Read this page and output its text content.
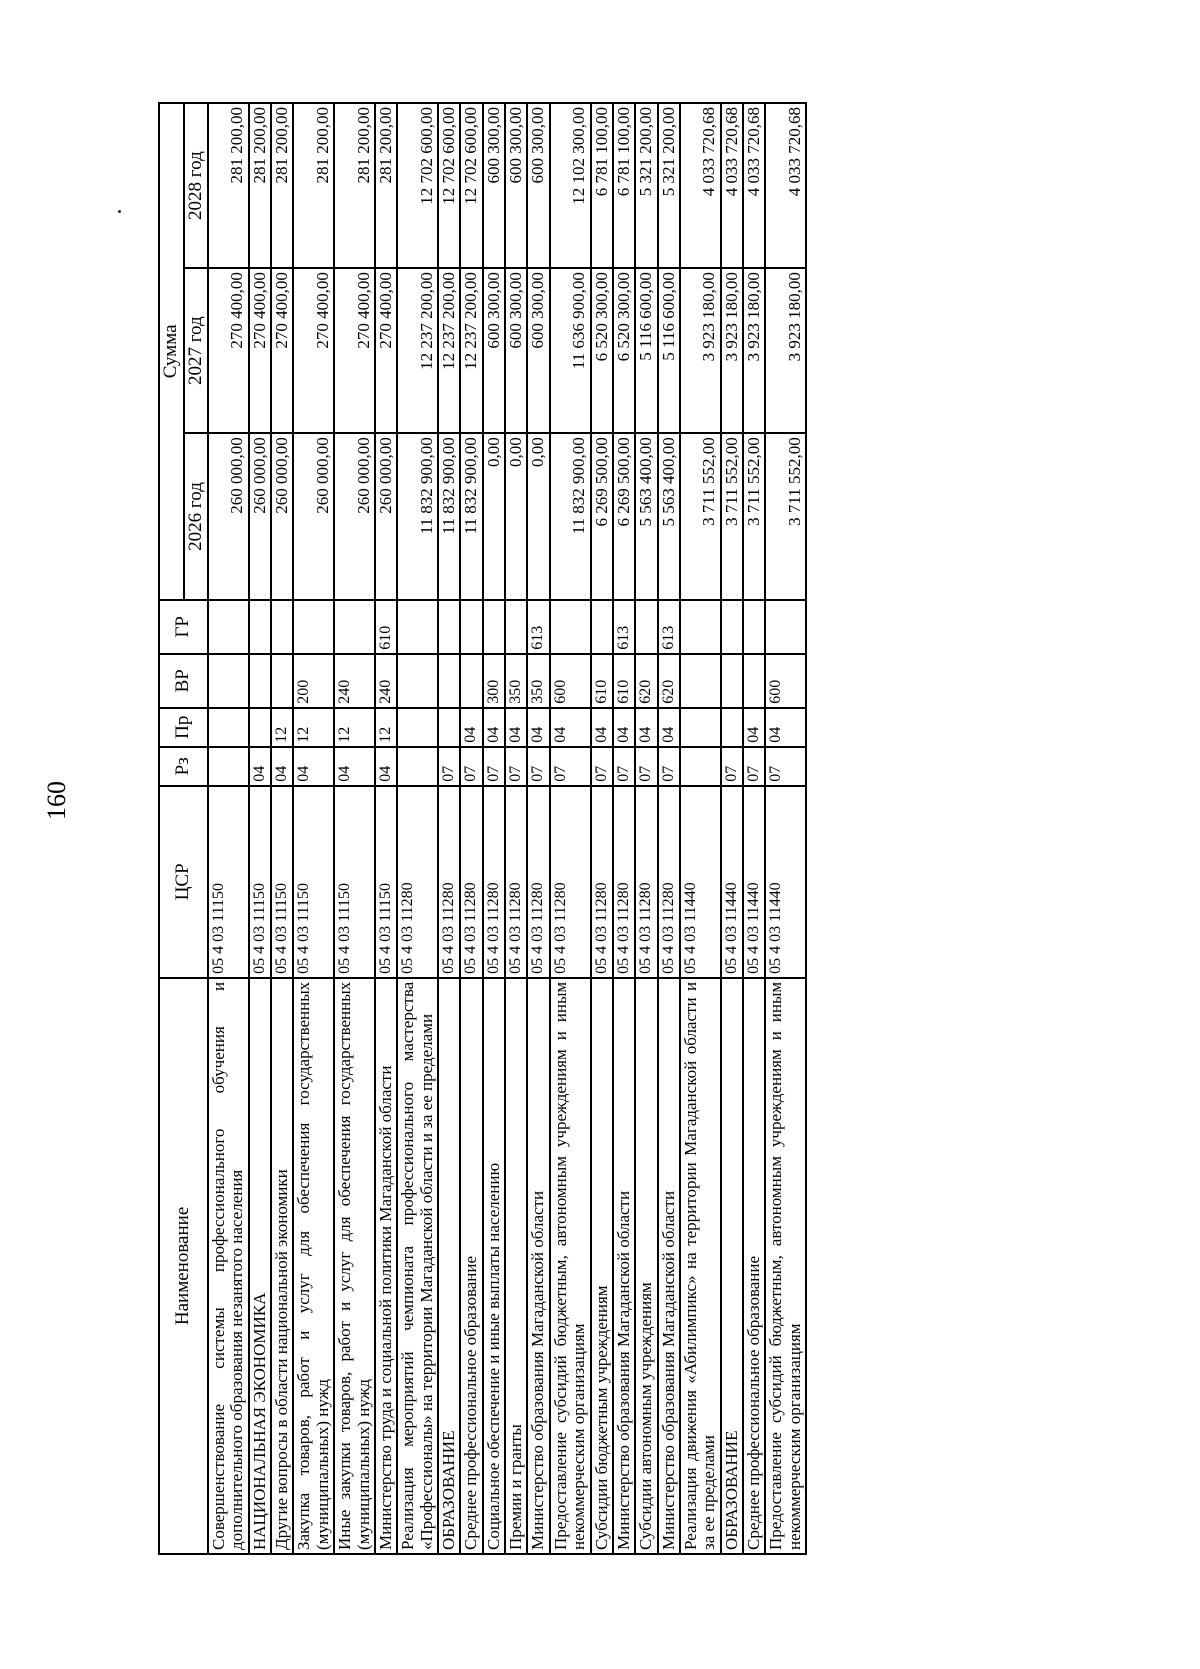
160
Наименование	ЦСР	Рз	Пр	ВР	ГР	Сумма		
						2026 год	2027 год	2028 год
Совершенствование системы профессионального обучения и дополнительного образования незанятого населения	05 4 03 11150					260 000,00	270 400,00	281 200,00
НАЦИОНАЛЬНАЯ ЭКОНОМИКА	05 4 03 11150	04				260 000,00	270 400,00	281 200,00
Другие вопросы в области национальной экономики	05 4 03 11150	04	12			260 000,00	270 400,00	281 200,00
Закупка товаров, работ и услуг для обеспечения государственных (муниципальных) нужд	05 4 03 11150	04	12	200		260 000,00	270 400,00	281 200,00
Иные закупки товаров, работ и услуг для обеспечения государственных (муниципальных) нужд	05 4 03 11150	04	12	240		260 000,00	270 400,00	281 200,00
Министерство труда и социальной политики Магаданской области	05 4 03 11150	04	12	240	610	260 000,00	270 400,00	281 200,00
Реализация мероприятий чемпионата профессионального мастерства «Профессионалы» на территории Магаданской области и за ее пределами	05 4 03 11280					11 832 900,00	12 237 200,00	12 702 600,00
ОБРАЗОВАНИЕ	05 4 03 11280	07				11 832 900,00	12 237 200,00	12 702 600,00
Среднее профессиональное образование	05 4 03 11280	07	04			11 832 900,00	12 237 200,00	12 702 600,00
Социальное обеспечение и иные выплаты населению	05 4 03 11280	07	04	300		0,00	600 300,00	600 300,00
Премии и гранты	05 4 03 11280	07	04	350		0,00	600 300,00	600 300,00
Министерство образования Магаданской области	05 4 03 11280	07	04	350	613	0,00	600 300,00	600 300,00
Предоставление субсидий бюджетным, автономным учреждениям и иным некоммерческим организациям	05 4 03 11280	07	04	600		11 832 900,00	11 636 900,00	12 102 300,00
Субсидии бюджетным учреждениям	05 4 03 11280	07	04	610		6 269 500,00	6 520 300,00	6 781 100,00
Министерство образования Магаданской области	05 4 03 11280	07	04	610	613	6 269 500,00	6 520 300,00	6 781 100,00
Субсидии автономным учреждениям	05 4 03 11280	07	04	620		5 563 400,00	5 116 600,00	5 321 200,00
Министерство образования Магаданской области	05 4 03 11280	07	04	620	613	5 563 400,00	5 116 600,00	5 321 200,00
Реализация движения «Абилимпикс» на территории Магаданской области и за ее пределами	05 4 03 11440					3 711 552,00	3 923 180,00	4 033 720,68
ОБРАЗОВАНИЕ	05 4 03 11440	07				3 711 552,00	3 923 180,00	4 033 720,68
Среднее профессиональное образование	05 4 03 11440	07	04			3 711 552,00	3 923 180,00	4 033 720,68
Предоставление субсидий бюджетным, автономным учреждениям и иным некоммерческим организациям	05 4 03 11440	07	04	600		3 711 552,00	3 923 180,00	4 033 720,68
